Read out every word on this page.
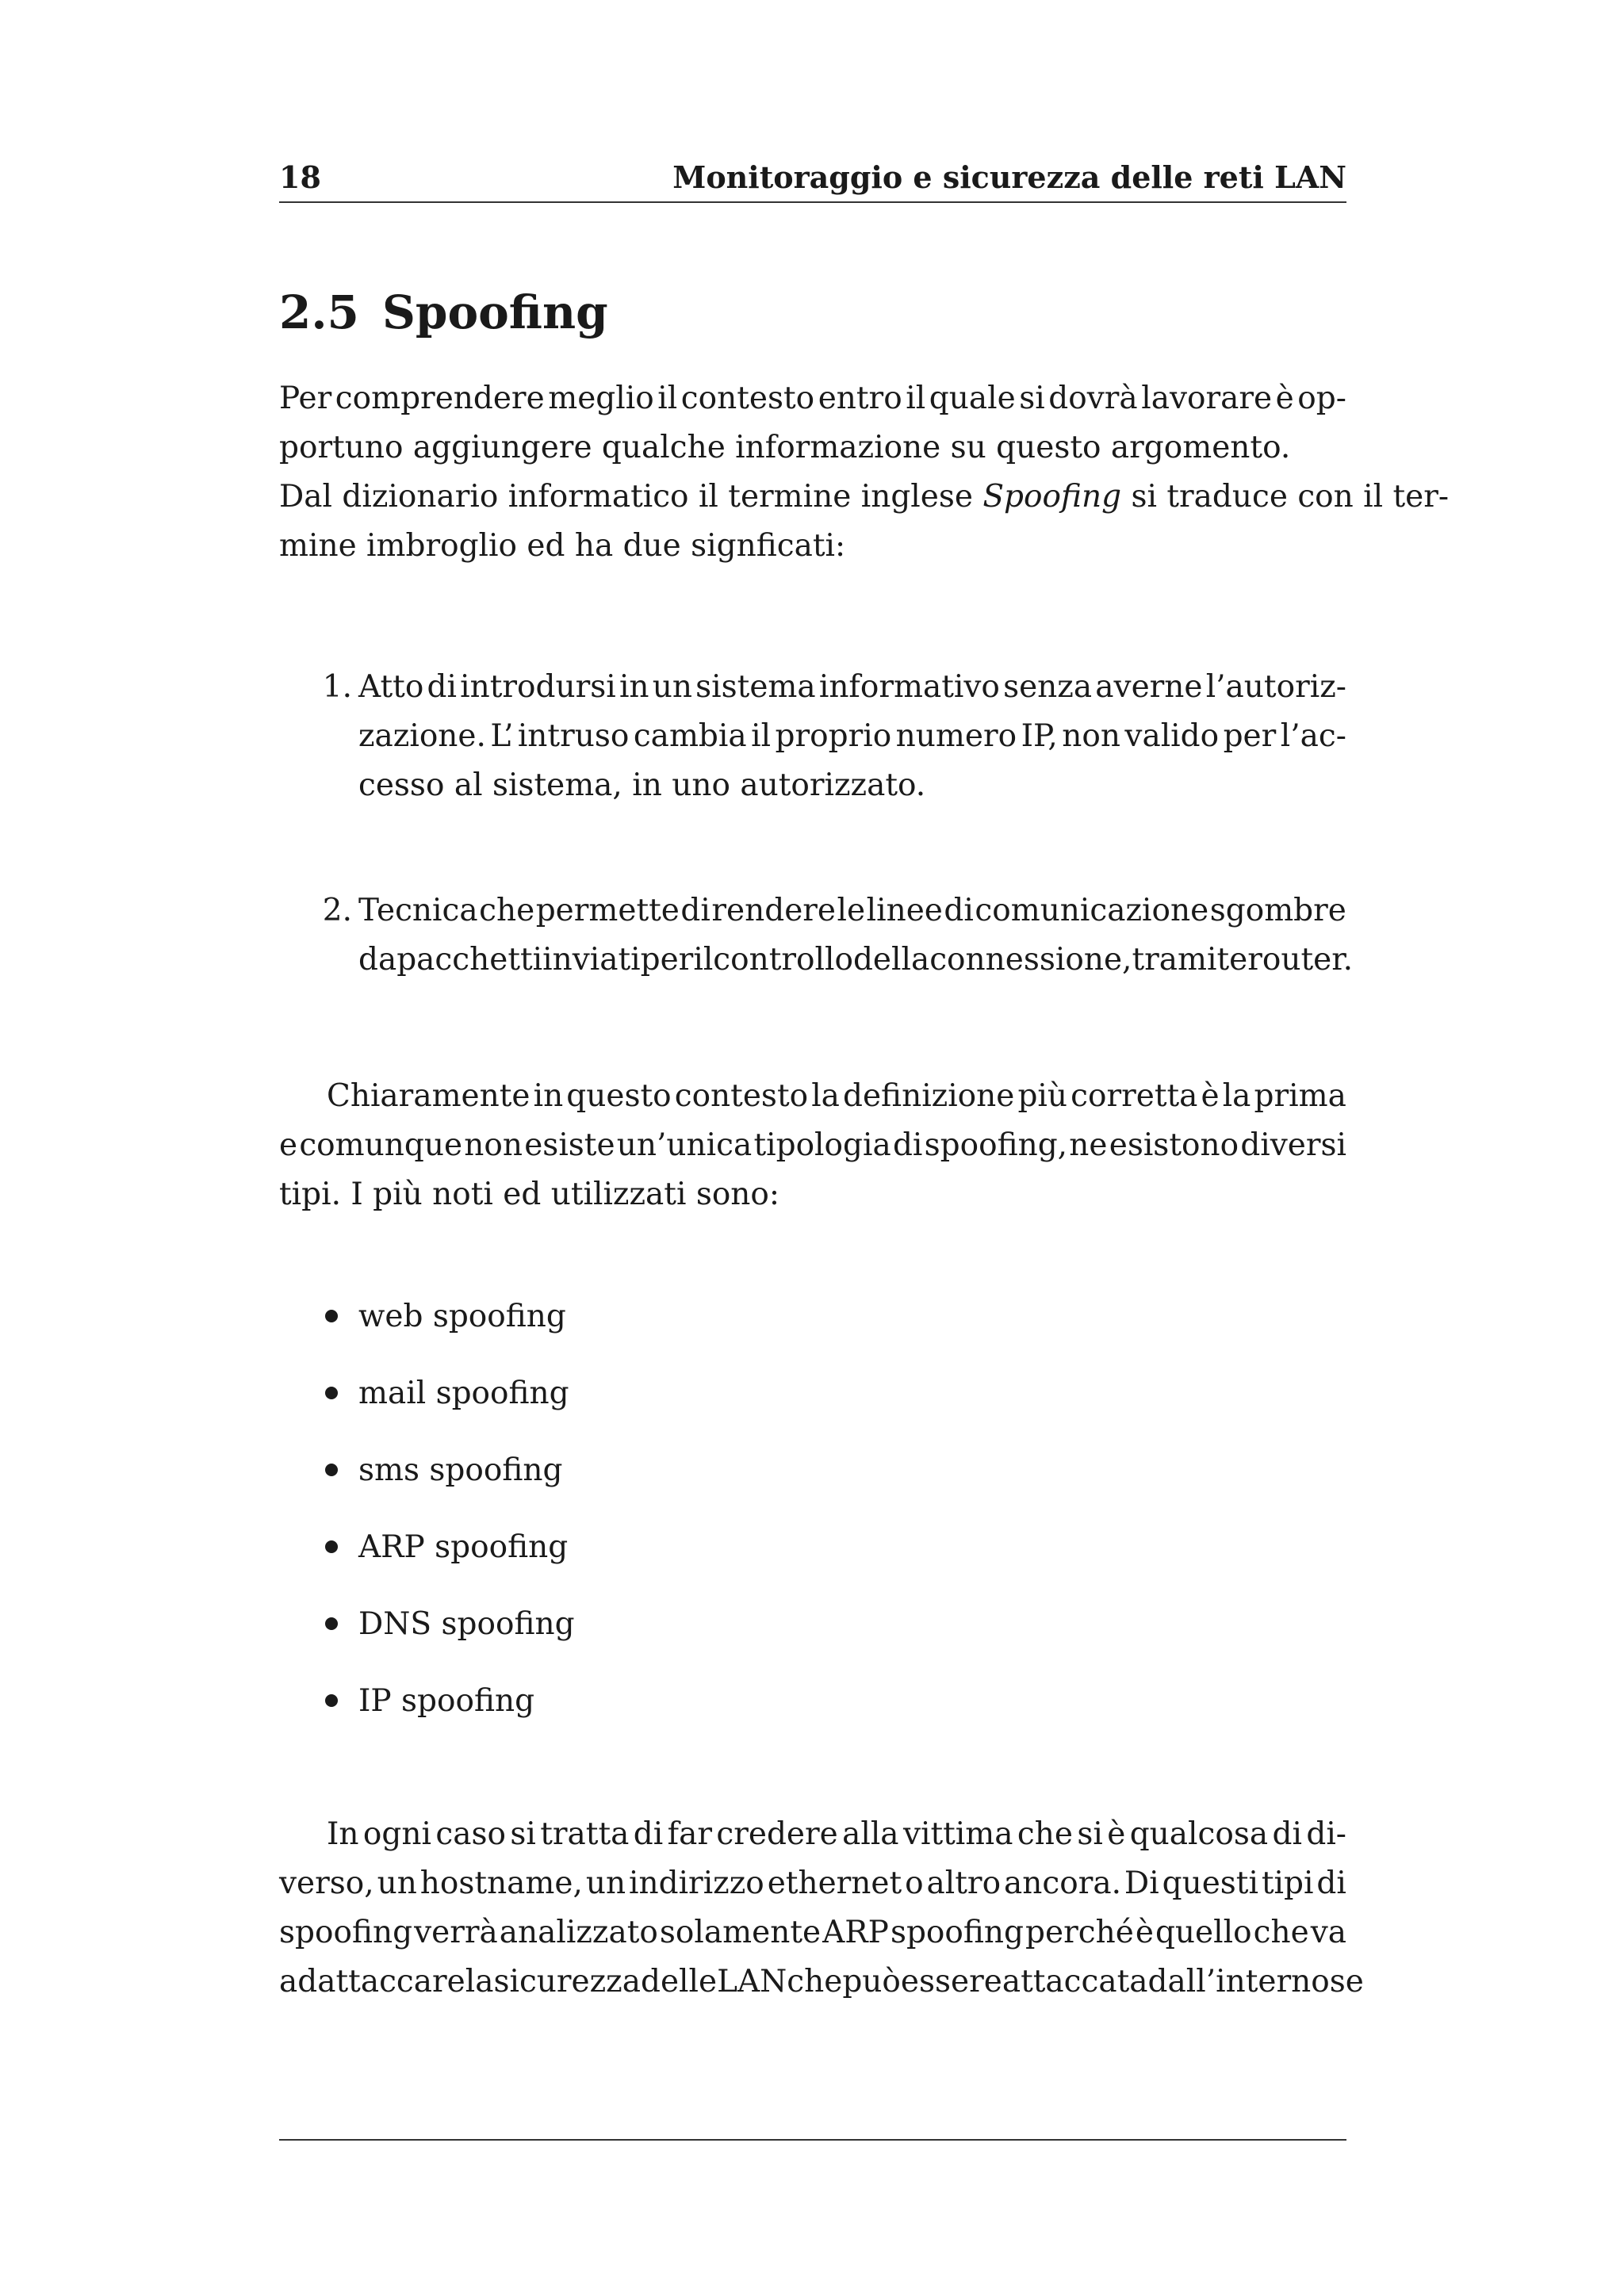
18	Monitoraggio e sicurezza delle reti LAN
2.5 Spoofing
Per comprendere meglio il contesto entro il quale si dovrà lavorare è op-
portuno aggiungere qualche informazione su questo argomento.
Dal dizionario informatico il termine inglese Spoofing si traduce con il ter-
mine imbroglio ed ha due signficati:
1. Atto di introdursi in un sistema informativo senza averne l’autoriz-
zazione. L’ intruso cambia il proprio numero IP, non valido per l’ac-
cesso al sistema, in uno autorizzato.
2. Tecnica che permette di rendere le linee di comunicazione sgombre
da pacchetti inviati per il controllo della connessione, tramite router.
Chiaramente in questo contesto la definizione più corretta è la prima
e comunque non esiste un’unica tipologia di spoofing, ne esistono diversi
tipi. I più noti ed utilizzati sono:
web spoofing
mail spoofing
sms spoofing
ARP spoofing
DNS spoofing
IP spoofing
In ogni caso si tratta di far credere alla vittima che si è qualcosa di di-
verso, un hostname, un indirizzo ethernet o altro ancora. Di questi tipi di
spoofing verrà analizzato solamente ARP spoofing perché è quello che va
ad attaccare la sicurezza delle LAN che può essere attaccata dall’interno se
